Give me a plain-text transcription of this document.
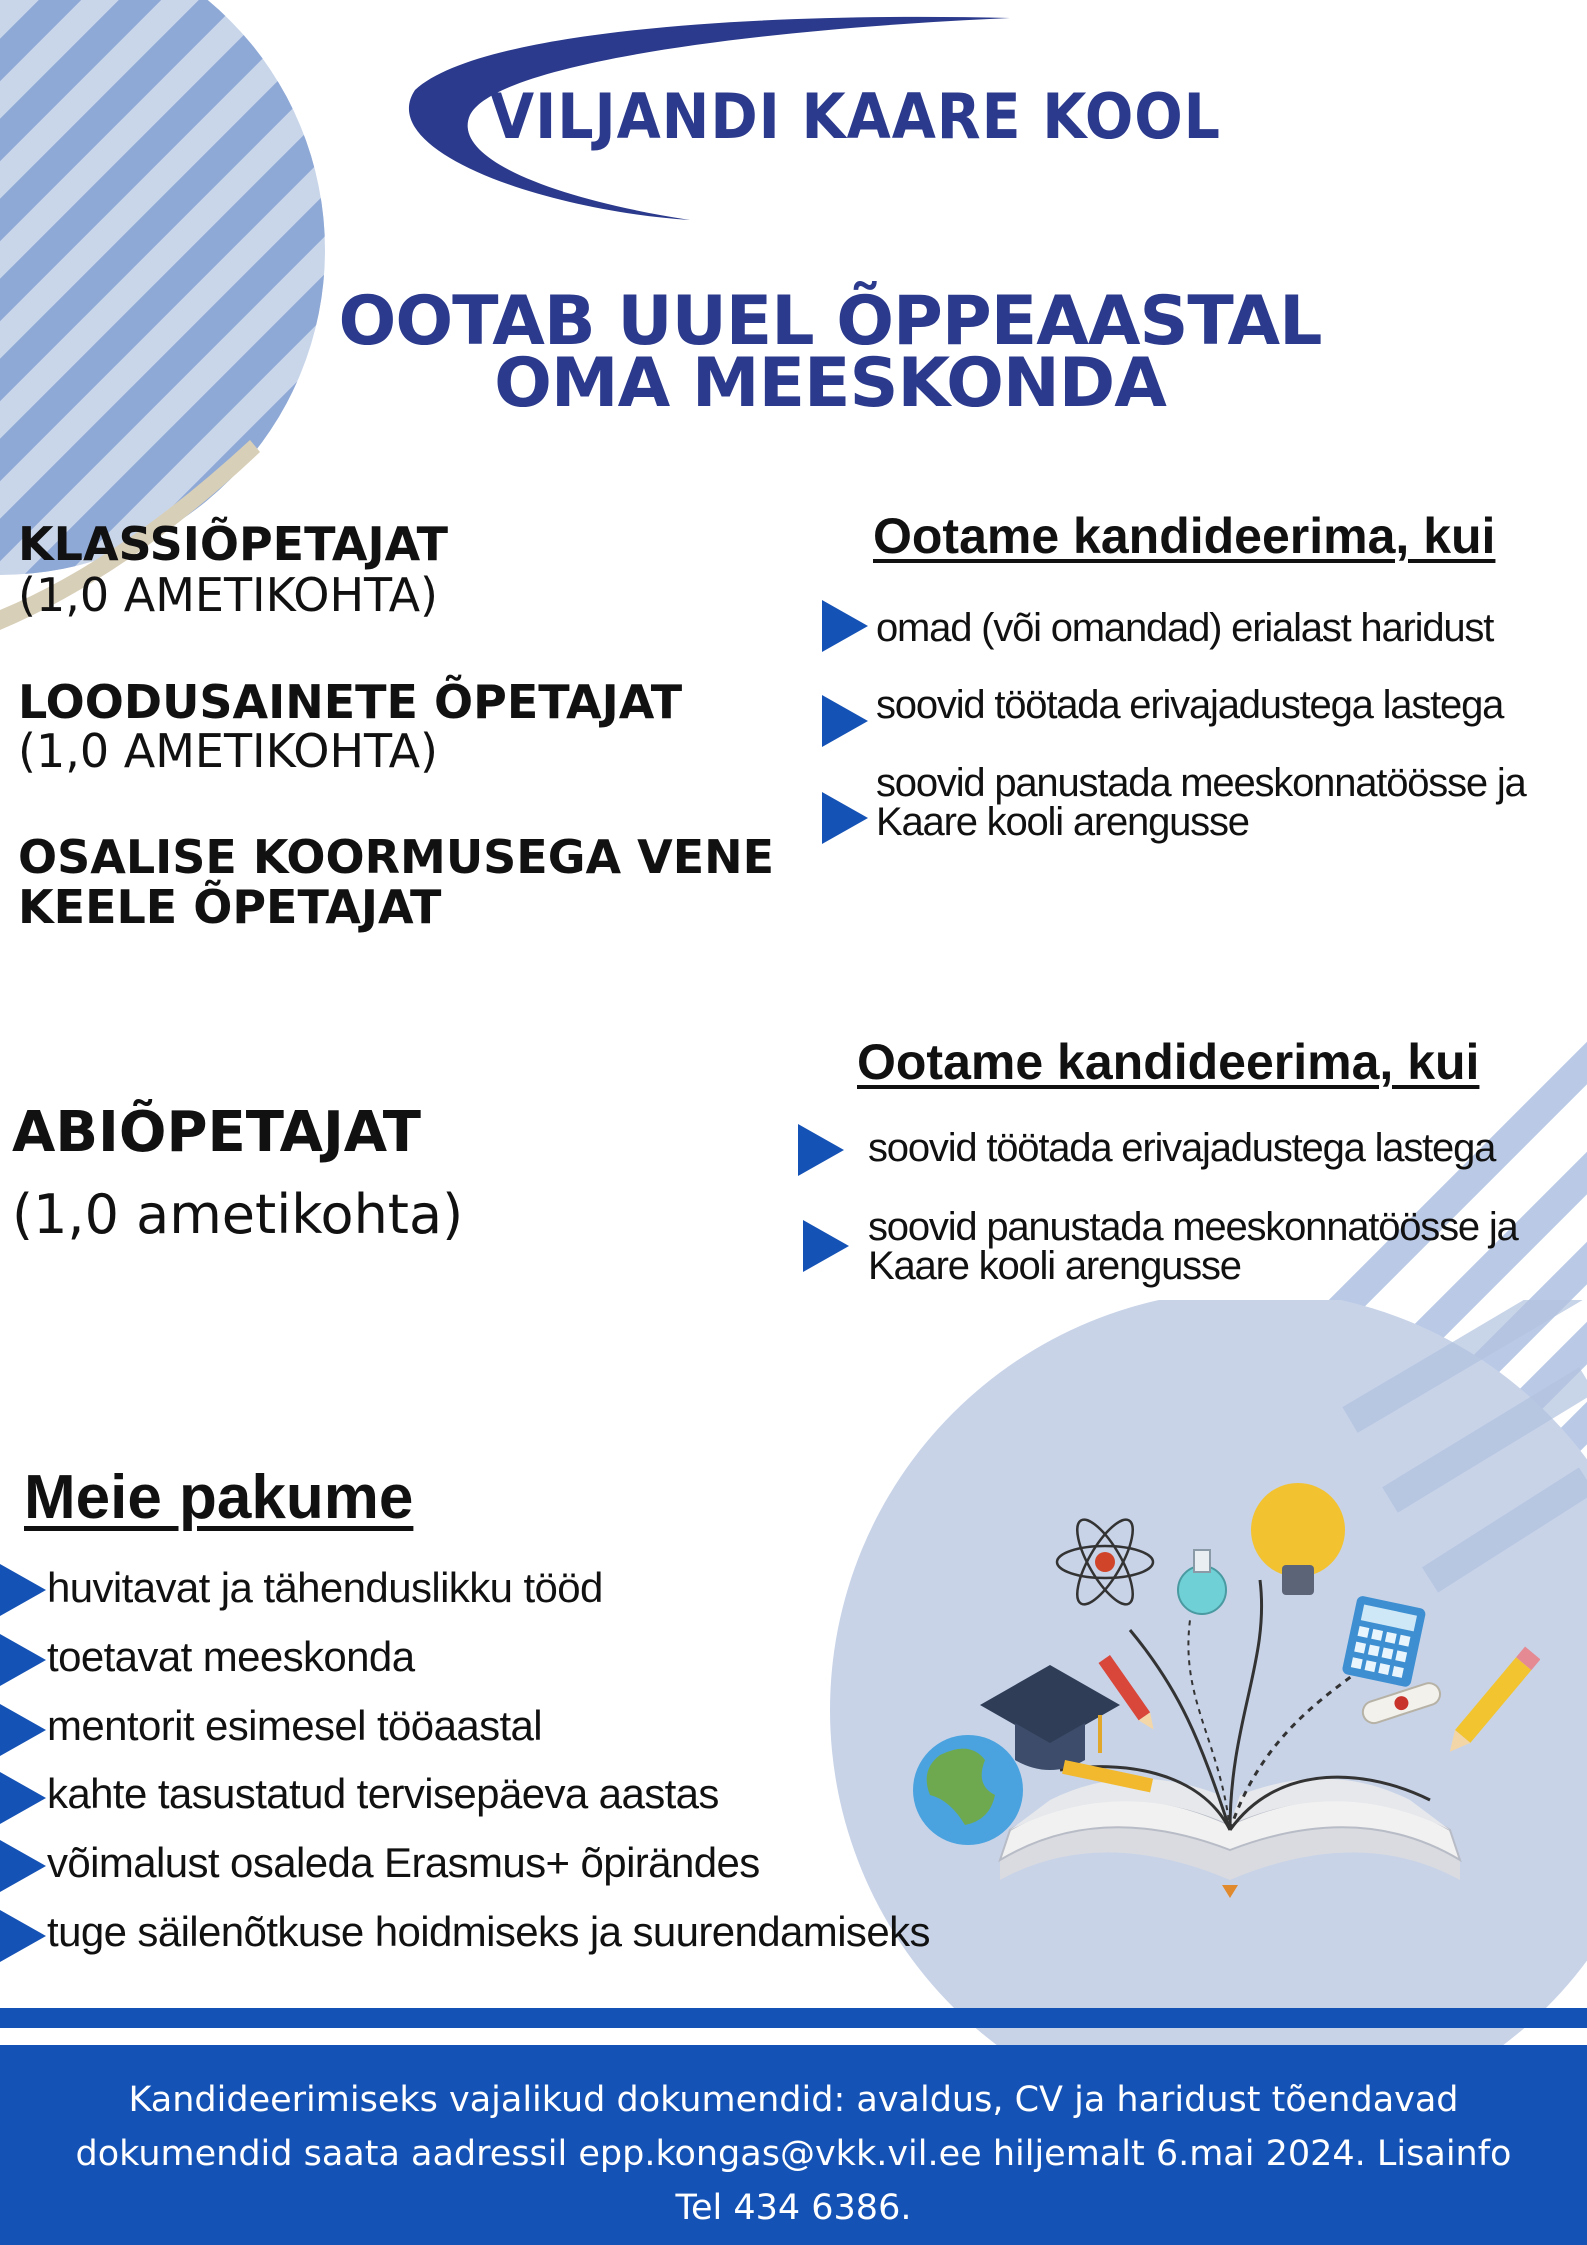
VILJANDI KAARE KOOL
OOTAB UUEL ÕPPEAASTAL
OMA MEESKONDA
KLASSIÕPETAJAT
(1,0 AMETIKOHTA)
LOODUSAINETE ÕPETAJAT
(1,0 AMETIKOHTA)
OSALISE KOORMUSEGA VENE
KEELE ÕPETAJAT
Ootame kandideerima, kui
omad (või omandad) erialast haridust
soovid töötada erivajadustega lastega
soovid panustada meeskonnatöösse ja
Kaare kooli arengusse
ABIÕPETAJAT
(1,0 ametikohta)
Ootame kandideerima, kui
soovid töötada erivajadustega lastega
soovid panustada meeskonnatöösse ja
Kaare kooli arengusse
Meie pakume
huvitavat ja tähenduslikku tööd
toetavat meeskonda
mentorit esimesel tööaastal
kahte tasustatud tervisepäeva aastas
võimalust osaleda Erasmus+ õpirändes
tuge säilenõtkuse hoidmiseks ja suurendamiseks
Kandideerimiseks vajalikud dokumendid: avaldus, CV ja haridust tõendavad
dokumendid saata aadressil epp.kongas@vkk.vil.ee hiljemalt 6.mai 2024. Lisainfo
Tel 434 6386.
